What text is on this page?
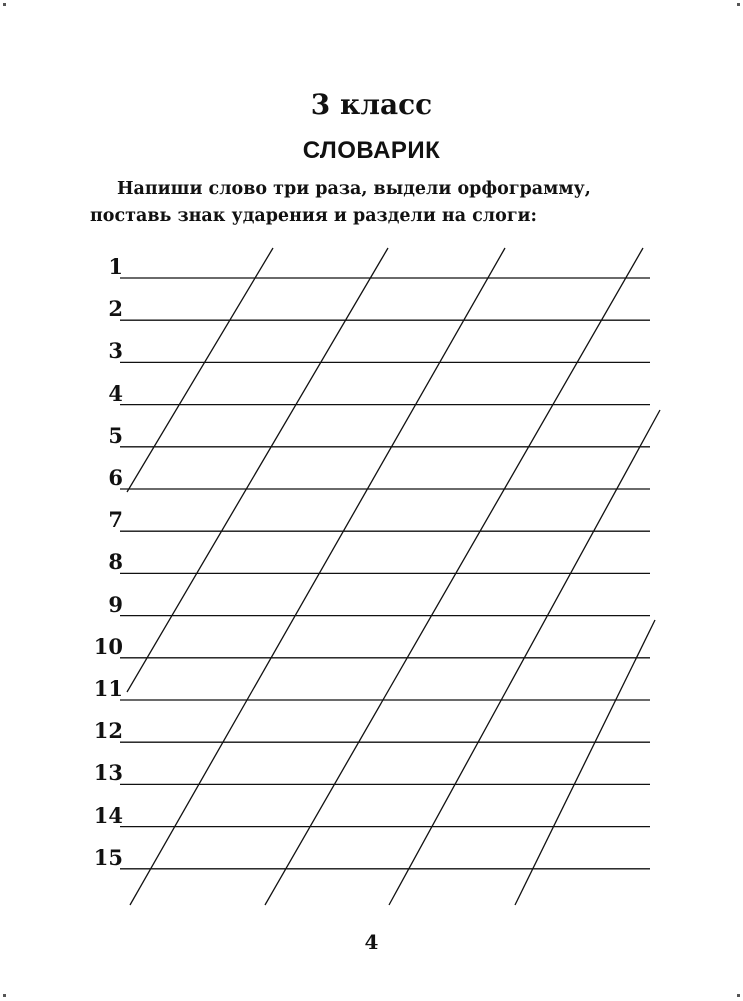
3 класс
СЛОВАРИК

Напиши слово три раза, выдели орфограмму,
поставь знак ударения и раздели на слоги:

1
2
3
4
5
6
7
8
9
10
11
12
13
14
15
4
